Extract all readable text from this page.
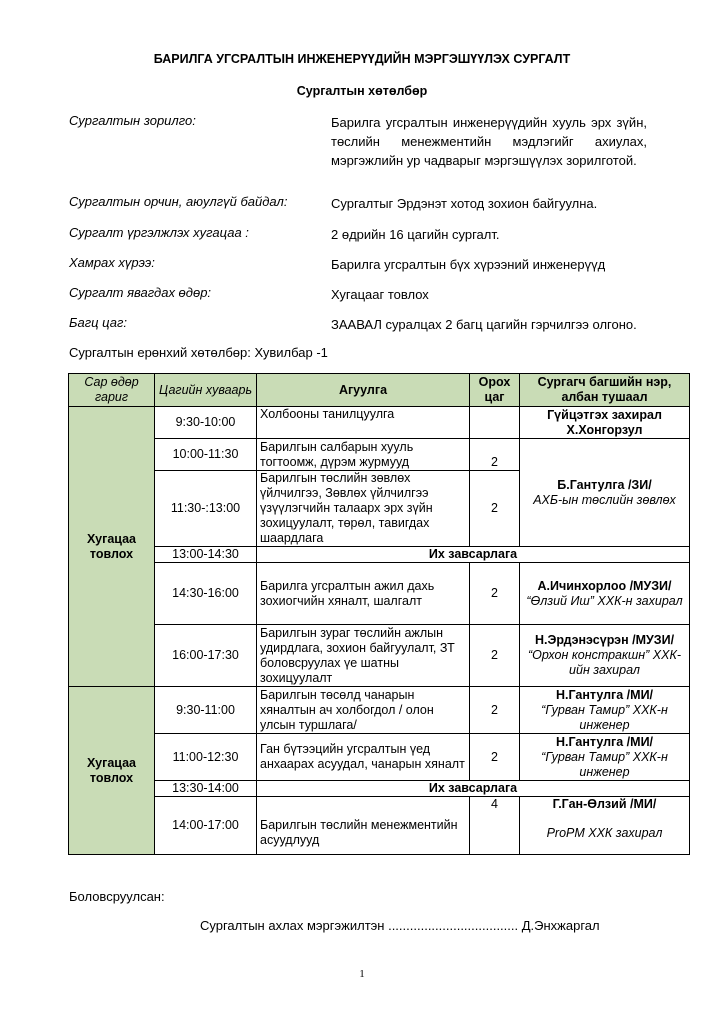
БАРИЛГА УГСРАЛТЫН ИНЖЕНЕРҮҮДИЙН МЭРГЭШҮҮЛЭХ СУРГАЛТ
Сургалтын хөтөлбөр
Сургалтын зорилго:	Барилга угсралтын инженерүүдийн хууль эрх зүйн, төслийн менежментийн мэдлэгийг ахиулах, мэргэжлийн ур чадварыг мэргэшүүлэх зорилготой.
Сургалтын орчин, аюулгүй байдал:	Сургалтыг Эрдэнэт хотод зохион байгуулна.
Сургалт үргэлжлэх хугацаа :	2 өдрийн 16 цагийн сургалт.
Хамрах хүрээ:	Барилга угсралтын бүх хүрээний инженерүүд
Сургалт явагдах өдөр:	Хугацааг товлох
Багц цаг:	ЗААВАЛ суралцах 2 багц цагийн гэрчилгээ олгоно.
Сургалтын ерөнхий хөтөлбөр: Хувилбар -1
Сар өдөр гариг	Цагийн хуваарь	Агуулга	Орох цаг	Сургагч багшийн нэр, албан тушаал
Хугацаа товлох	9:30-10:00	Холбооны танилцуулга		Гүйцэтгэх захирал Х.Хонгорзул

	10:00-11:30	Барилгын салбарын хууль тогтоомж, дүрэм журмууд	2	Б.Гантулга /ЗИ/
АХБ-ын төслийн зөвлөх

	11:30-:13:00	Барилгын төслийн зөвлөх үйлчилгээ, Зөвлөх үйлчилгээ үзүүлэгчийн талаарх эрх зүйн зохицуулалт, төрөл, тавигдах шаардлага	2	
	13:00-14:30	Их завсарлага		
	14:30-16:00	Барилга угсралтын ажил дахь зохиогчийн хяналт, шалгалт	2	А.Ичинхорлоо /МУЗИ/
“Өлзий Иш” ХХК-н захирал

	16:00-17:30	Барилгын зураг төслийн ажлын удирдлага, зохион байгуулалт, ЗТ боловсруулах үе шатны зохицуулалт	2	Н.Эрдэнэсүрэн /МУЗИ/
“Орхон констракшн” ХХК-ийн захирал

Хугацаа товлох	9:30-11:00	Барилгын төсөлд чанарын хяналтын ач холбогдол / олон улсын туршлага/	2	Н.Гантулга /МИ/
“Гурван Тамир” ХХК-н инженер

	11:00-12:30	Ган бүтээцийн угсралтын үед анхаарах асуудал, чанарын хяналт	2	Н.Гантулга /МИ/
“Гурван Тамир” ХХК-н инженер

	13:30-14:00	Их завсарлага		
	14:00-17:00	Барилгын төслийн менежментийн асуудлууд	4	Г.Ган-Өлзий /МИ/
ProPM ХХК захирал
Боловсруулсан:
Сургалтын ахлах мэргэжилтэн .................................... Д.Энхжаргал
1
